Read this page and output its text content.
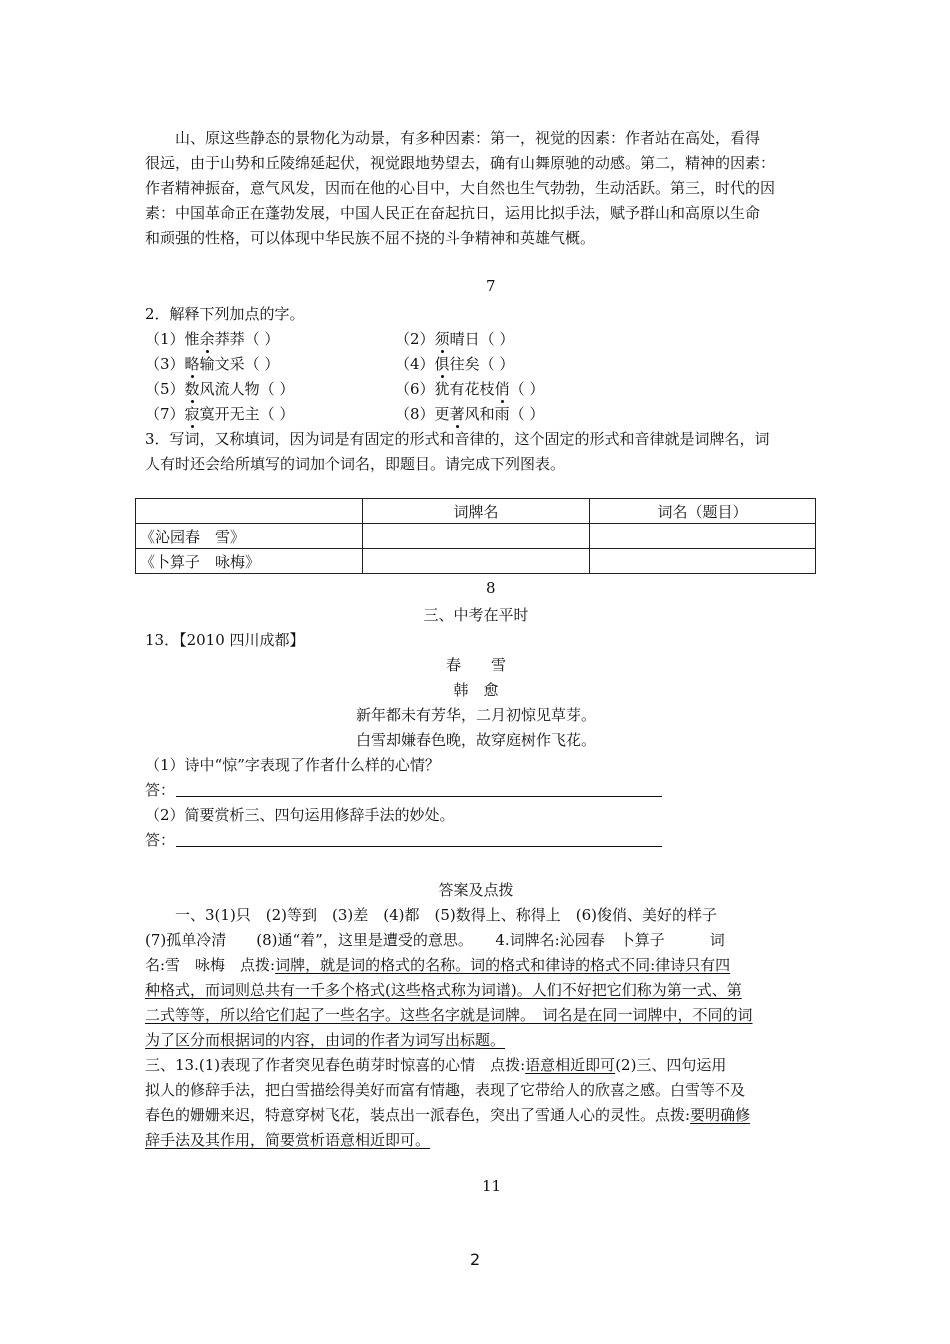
山、原这些静态的景物化为动景，有多种因素：第一，视觉的因素：作者站在高处，看得
很远，由于山势和丘陵绵延起伏，视觉跟地势望去，确有山舞原驰的动感。第二，精神的因素：
作者精神振奋，意气风发，因而在他的心目中，大自然也生气勃勃，生动活跃。第三，时代的因
素：中国革命正在蓬勃发展，中国人民正在奋起抗日，运用比拟手法，赋予群山和高原以生命
和顽强的性格，可以体现中华民族不屈不挠的斗争精神和英雄气概。
7
2．解释下列加点的字。
（1）惟余莽莽（ ）	（2）须晴日（ ）
（3）略输文采（ ）	（4）俱往矣（ ）
（5）数风流人物（ ）	（6）犹有花枝俏（ ）
（7）寂寞开无主（ ）	（8）更著风和雨（ ）
3．写词，又称填词，因为词是有固定的形式和音律的，这个固定的形式和音律就是词牌名，词
人有时还会给所填写的词加个词名，即题目。请完成下列图表。
	词牌名	词名（题目）
《沁园春　雪》		
《卜算子　咏梅》		
8
三、中考在平时
13．【2010 四川成都】
春　　雪
韩　愈
新年都未有芳华，二月初惊见草芽。
白雪却嫌春色晚，故穿庭树作飞花。
（1）诗中“惊”字表现了作者什么样的心情？
答：
（2）简要赏析三、四句运用修辞手法的妙处。
答：
答案及点拨
一、3(1)只　(2)等到　(3)差　(4)都　(5)数得上、称得上　(6)俊俏、美好的样子
(7)孤单冷清　　(8)通“着”，这里是遭受的意思。　　4.词牌名:沁园春　卜算子　　　词
名:雪　咏梅　点拨:词牌，就是词的格式的名称。词的格式和律诗的格式不同:律诗只有四
种格式，而词则总共有一千多个格式(这些格式称为词谱)。人们不好把它们称为第一式、第
二式等等，所以给它们起了一些名字。这些名字就是词牌。　词名是在同一词牌中，不同的词
为了区分而根据词的内容，由词的作者为词写出标题。
三、13.(1)表现了作者突见春色萌芽时惊喜的心情　点拨:语意相近即可(2)三、四句运用
拟人的修辞手法，把白雪描绘得美好而富有情趣，表现了它带给人的欣喜之感。白雪等不及
春色的姗姗来迟，特意穿树飞花，装点出一派春色，突出了雪通人心的灵性。点拨:要明确修
辞手法及其作用，简要赏析语意相近即可。
11
2
